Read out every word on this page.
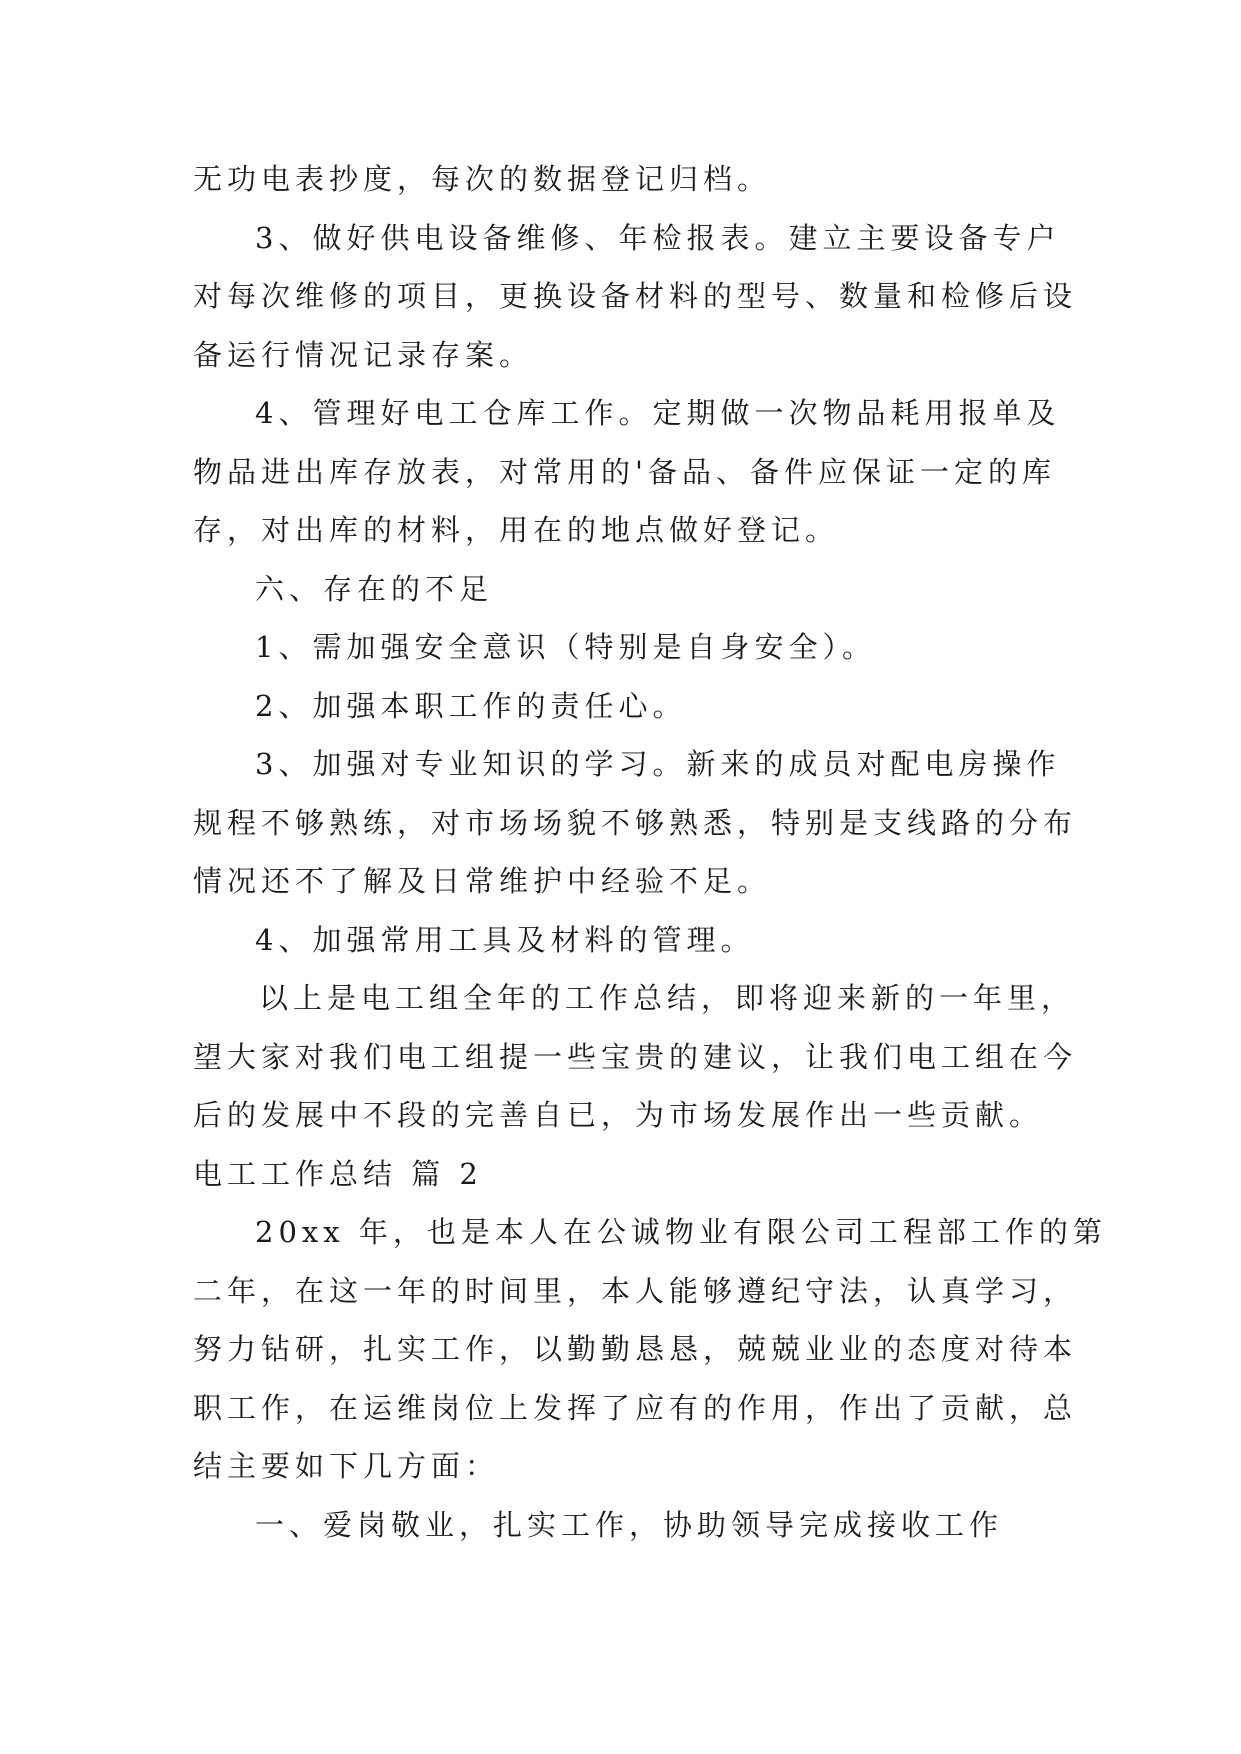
无功电表抄度，每次的数据登记归档。
3、做好供电设备维修、年检报表。建立主要设备专户
对每次维修的项目，更换设备材料的型号、数量和检修后设
备运行情况记录存案。
4、管理好电工仓库工作。定期做一次物品耗用报单及
物品进出库存放表，对常用的'备品、备件应保证一定的库
存，对出库的材料，用在的地点做好登记。
六、存在的不足
1、需加强安全意识（特别是自身安全）。
2、加强本职工作的责任心。
3、加强对专业知识的学习。新来的成员对配电房操作
规程不够熟练，对市场场貌不够熟悉，特别是支线路的分布
情况还不了解及日常维护中经验不足。
4、加强常用工具及材料的管理。
以上是电工组全年的工作总结，即将迎来新的一年里，
望大家对我们电工组提一些宝贵的建议，让我们电工组在今
后的发展中不段的完善自已，为市场发展作出一些贡献。
电工工作总结 篇 2
20xx 年，也是本人在公诚物业有限公司工程部工作的第
二年，在这一年的时间里，本人能够遵纪守法，认真学习，
努力钻研，扎实工作，以勤勤恳恳，兢兢业业的态度对待本
职工作，在运维岗位上发挥了应有的作用，作出了贡献，总
结主要如下几方面：
一、爱岗敬业，扎实工作，协助领导完成接收工作
